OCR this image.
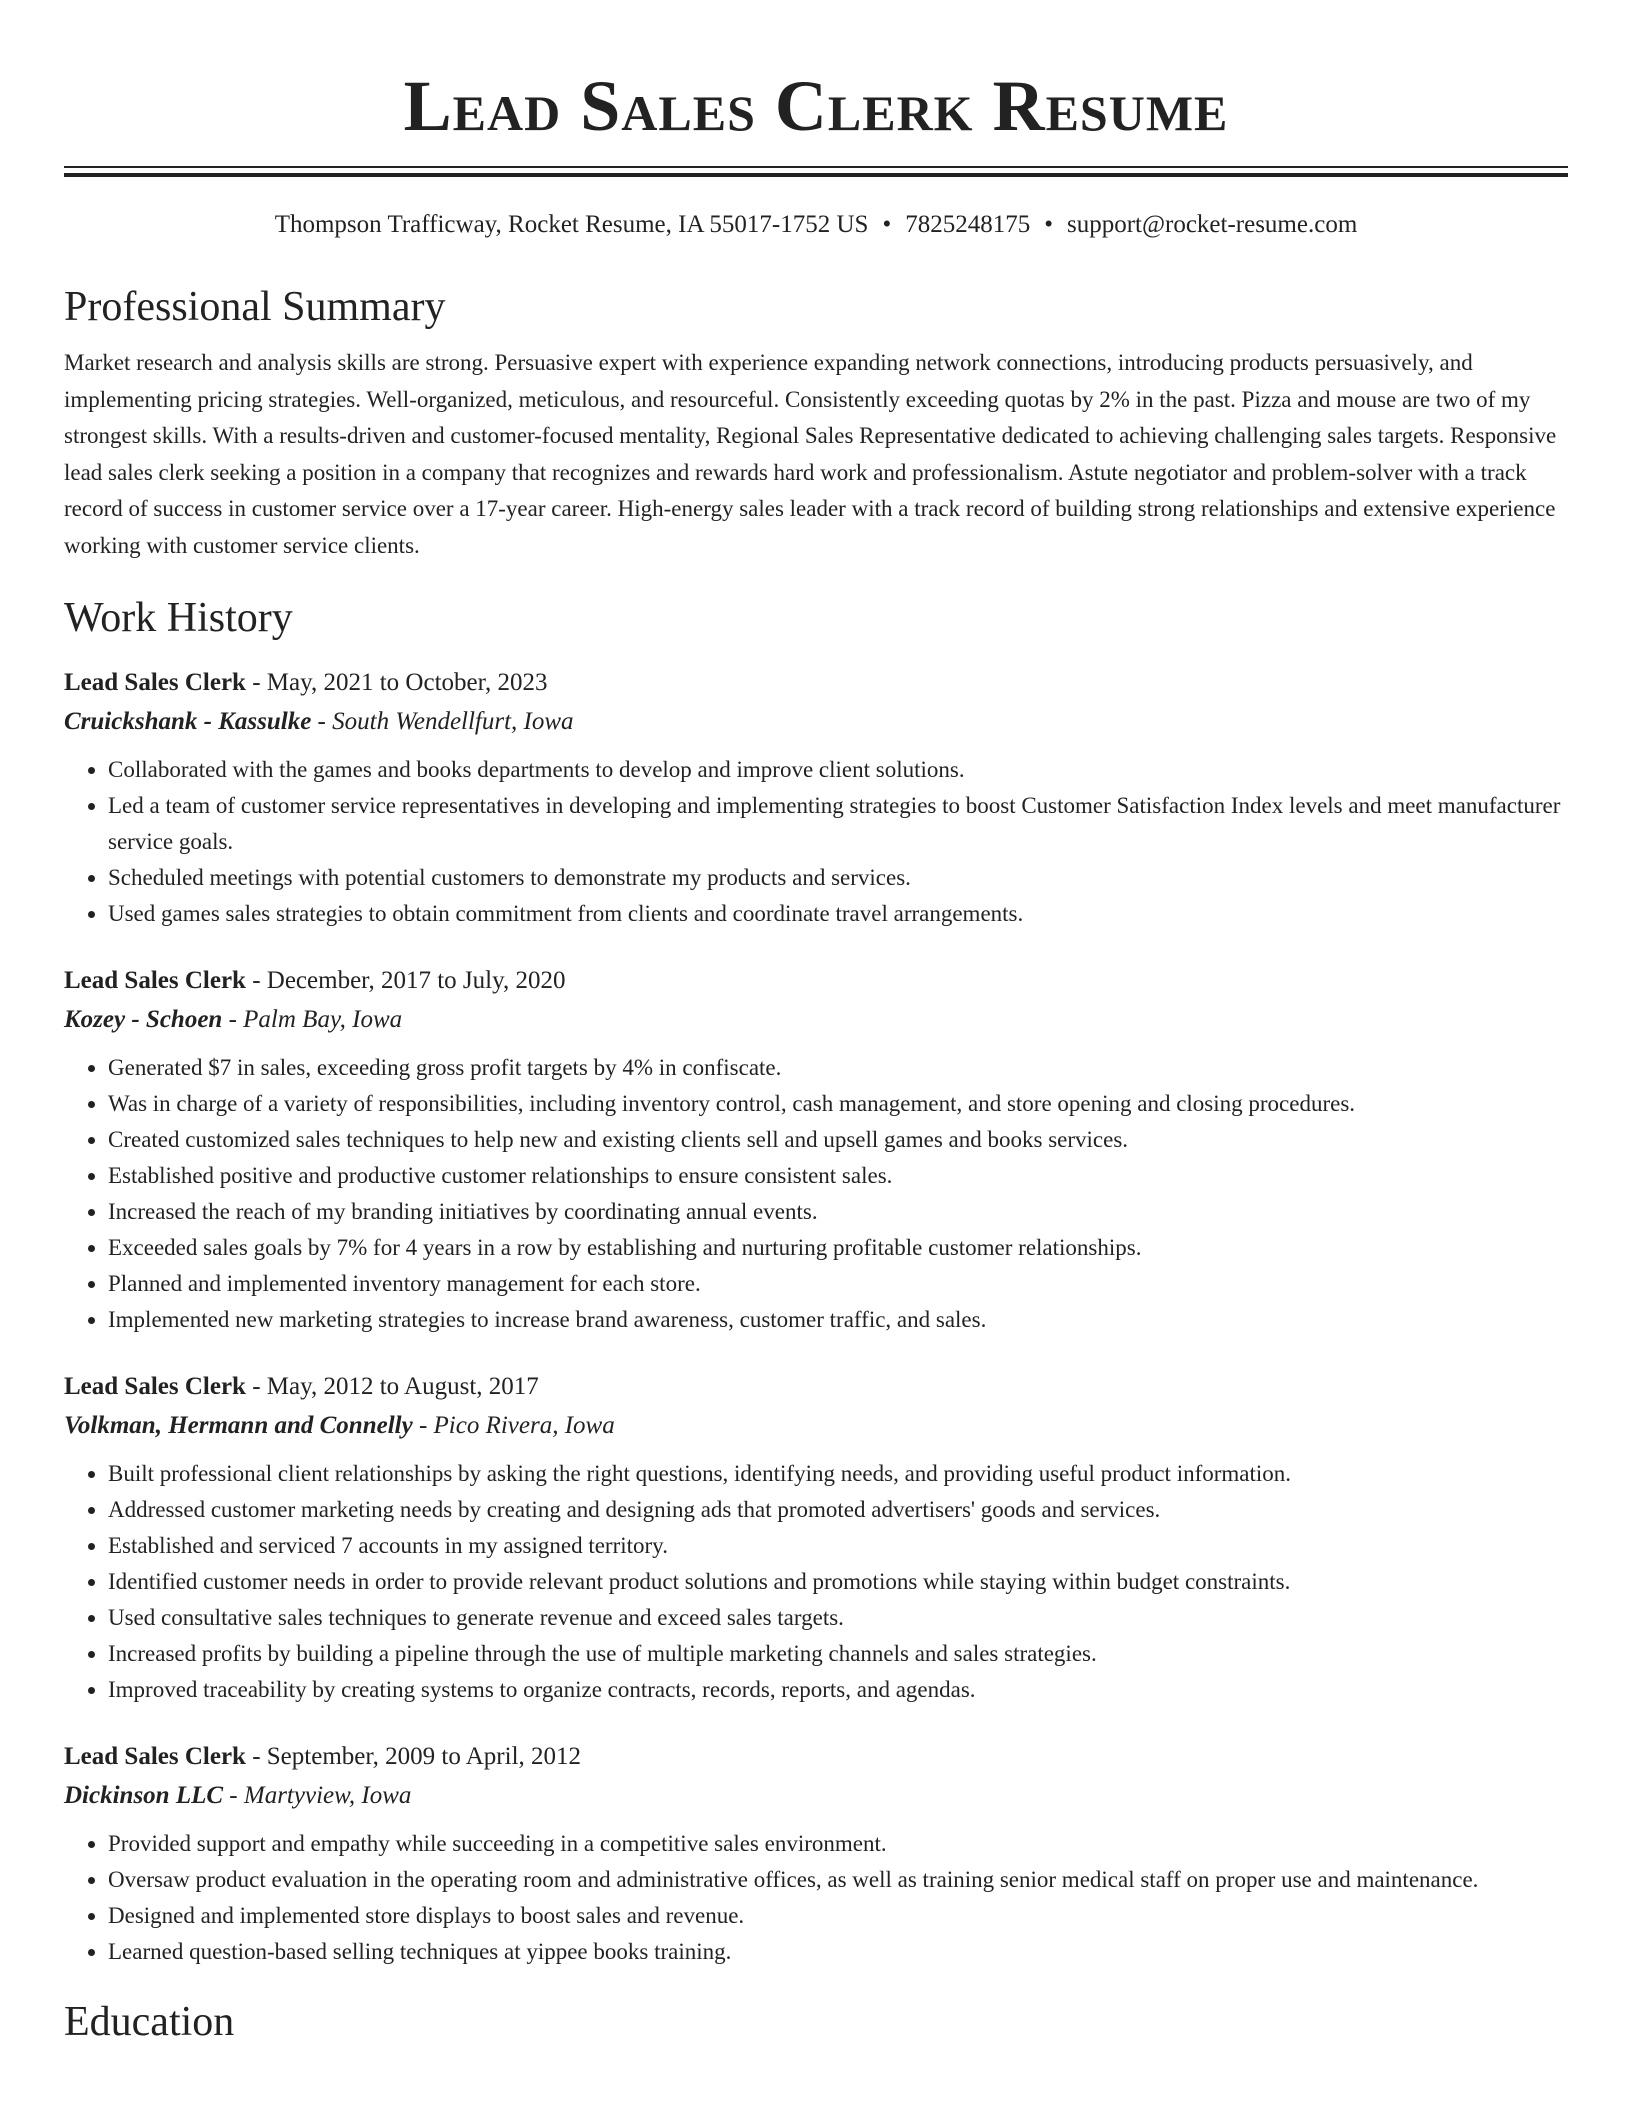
Lead Sales Clerk Resume
Thompson Trafficway, Rocket Resume, IA 55017-1752 US • 7825248175 • support@rocket-resume.com
Professional Summary
Market research and analysis skills are strong. Persuasive expert with experience expanding network connections, introducing products persuasively, and implementing pricing strategies. Well-organized, meticulous, and resourceful. Consistently exceeding quotas by 2% in the past. Pizza and mouse are two of my strongest skills. With a results-driven and customer-focused mentality, Regional Sales Representative dedicated to achieving challenging sales targets. Responsive lead sales clerk seeking a position in a company that recognizes and rewards hard work and professionalism. Astute negotiator and problem-solver with a track record of success in customer service over a 17-year career. High-energy sales leader with a track record of building strong relationships and extensive experience working with customer service clients.
Work History
Lead Sales Clerk - May, 2021 to October, 2023
Cruickshank - Kassulke - South Wendellfurt, Iowa
• Collaborated with the games and books departments to develop and improve client solutions.
• Led a team of customer service representatives in developing and implementing strategies to boost Customer Satisfaction Index levels and meet manufacturer service goals.
• Scheduled meetings with potential customers to demonstrate my products and services.
• Used games sales strategies to obtain commitment from clients and coordinate travel arrangements.
Lead Sales Clerk - December, 2017 to July, 2020
Kozey - Schoen - Palm Bay, Iowa
• Generated $7 in sales, exceeding gross profit targets by 4% in confiscate.
• Was in charge of a variety of responsibilities, including inventory control, cash management, and store opening and closing procedures.
• Created customized sales techniques to help new and existing clients sell and upsell games and books services.
• Established positive and productive customer relationships to ensure consistent sales.
• Increased the reach of my branding initiatives by coordinating annual events.
• Exceeded sales goals by 7% for 4 years in a row by establishing and nurturing profitable customer relationships.
• Planned and implemented inventory management for each store.
• Implemented new marketing strategies to increase brand awareness, customer traffic, and sales.
Lead Sales Clerk - May, 2012 to August, 2017
Volkman, Hermann and Connelly - Pico Rivera, Iowa
• Built professional client relationships by asking the right questions, identifying needs, and providing useful product information.
• Addressed customer marketing needs by creating and designing ads that promoted advertisers' goods and services.
• Established and serviced 7 accounts in my assigned territory.
• Identified customer needs in order to provide relevant product solutions and promotions while staying within budget constraints.
• Used consultative sales techniques to generate revenue and exceed sales targets.
• Increased profits by building a pipeline through the use of multiple marketing channels and sales strategies.
• Improved traceability by creating systems to organize contracts, records, reports, and agendas.
Lead Sales Clerk - September, 2009 to April, 2012
Dickinson LLC - Martyview, Iowa
• Provided support and empathy while succeeding in a competitive sales environment.
• Oversaw product evaluation in the operating room and administrative offices, as well as training senior medical staff on proper use and maintenance.
• Designed and implemented store displays to boost sales and revenue.
• Learned question-based selling techniques at yippee books training.
Education
